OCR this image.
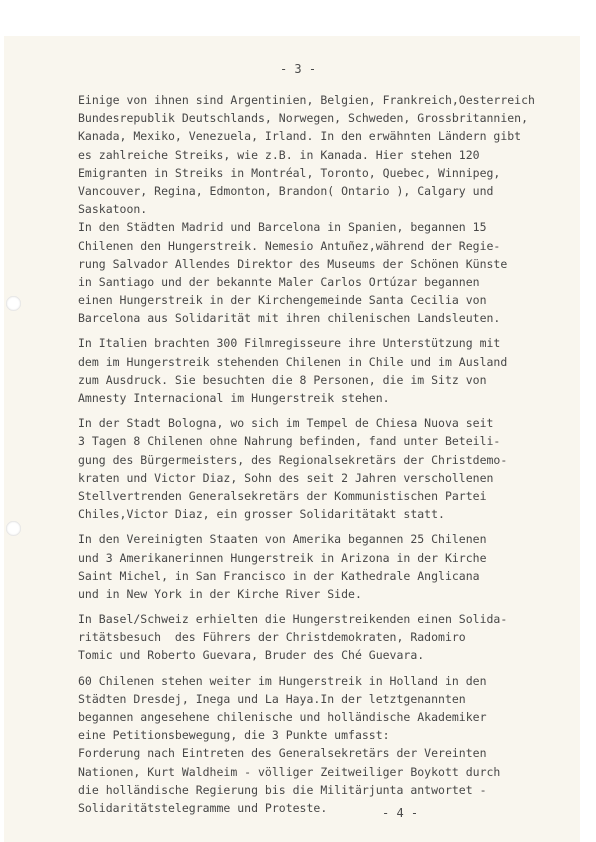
- 3 -
Einige von ihnen sind Argentinien, Belgien, Frankreich,Oesterreich
Bundesrepublik Deutschlands, Norwegen, Schweden, Grossbritannien,
Kanada, Mexiko, Venezuela, Irland. In den erwähnten Ländern gibt
es zahlreiche Streiks, wie z.B. in Kanada. Hier stehen 120
Emigranten in Streiks in Montréal, Toronto, Quebec, Winnipeg,
Vancouver, Regina, Edmonton, Brandon( Ontario ), Calgary und
Saskatoon.
In den Städten Madrid und Barcelona in Spanien, begannen 15
Chilenen den Hungerstreik. Nemesio Antuñez,während der Regie-
rung Salvador Allendes Direktor des Museums der Schönen Künste
in Santiago und der bekannte Maler Carlos Ortúzar begannen
einen Hungerstreik in der Kirchengemeinde Santa Cecilia von
Barcelona aus Solidarität mit ihren chilenischen Landsleuten.
In Italien brachten 300 Filmregisseure ihre Unterstützung mit
dem im Hungerstreik stehenden Chilenen in Chile und im Ausland
zum Ausdruck. Sie besuchten die 8 Personen, die im Sitz von
Amnesty Internacional im Hungerstreik stehen.
In der Stadt Bologna, wo sich im Tempel de Chiesa Nuova seit
3 Tagen 8 Chilenen ohne Nahrung befinden, fand unter Beteili-
gung des Bürgermeisters, des Regionalsekretärs der Christdemo-
kraten und Victor Diaz, Sohn des seit 2 Jahren verschollenen
Stellvertrenden Generalsekretärs der Kommunistischen Partei
Chiles,Victor Diaz, ein grosser Solidaritätakt statt.
In den Vereinigten Staaten von Amerika begannen 25 Chilenen
und 3 Amerikanerinnen Hungerstreik in Arizona in der Kirche
Saint Michel, in San Francisco in der Kathedrale Anglicana
und in New York in der Kirche River Side.
In Basel/Schweiz erhielten die Hungerstreikenden einen Solida-
ritätsbesuch  des Führers der Christdemokraten, Radomiro
Tomic und Roberto Guevara, Bruder des Ché Guevara.
60 Chilenen stehen weiter im Hungerstreik in Holland in den
Städten Dresdej, Inega und La Haya.In der letztgenannten
begannen angesehene chilenische und holländische Akademiker
eine Petitionsbewegung, die 3 Punkte umfasst:
Forderung nach Eintreten des Generalsekretärs der Vereinten
Nationen, Kurt Waldheim - völliger Zeitweiliger Boykott durch
die holländische Regierung bis die Militärjunta antwortet -
Solidaritätstelegramme und Proteste.	- 4 -
